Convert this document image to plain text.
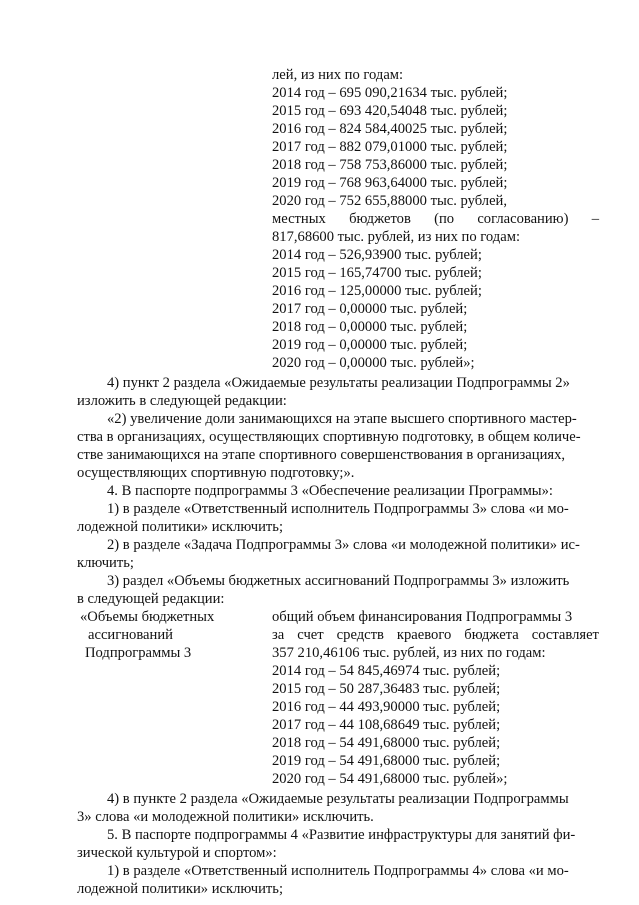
лей, из них по годам:
2014 год – 695 090,21634 тыс. рублей;
2015 год – 693 420,54048 тыс. рублей;
2016 год – 824 584,40025 тыс. рублей;
2017 год – 882 079,01000 тыс. рублей;
2018 год – 758 753,86000 тыс. рублей;
2019 год – 768 963,64000 тыс. рублей;
2020 год – 752 655,88000 тыс. рублей,
местных бюджетов (по согласованию) –
817,68600 тыс. рублей, из них по годам:
2014 год – 526,93900 тыс. рублей;
2015 год – 165,74700 тыс. рублей;
2016 год – 125,00000 тыс. рублей;
2017 год – 0,00000 тыс. рублей;
2018 год – 0,00000 тыс. рублей;
2019 год – 0,00000 тыс. рублей;
2020 год – 0,00000 тыс. рублей»;
4) пункт 2 раздела «Ожидаемые результаты реализации Подпрограммы 2»
изложить в следующей редакции:
«2) увеличение доли занимающихся на этапе высшего спортивного мастер-
ства в организациях, осуществляющих спортивную подготовку, в общем количе-
стве занимающихся на этапе спортивного совершенствования в организациях,
осуществляющих спортивную подготовку;».
4. В паспорте подпрограммы 3 «Обеспечение реализации Программы»:
1) в разделе «Ответственный исполнитель Подпрограммы 3» слова «и мо-
лодежной политики» исключить;
2) в разделе «Задача Подпрограммы 3» слова «и молодежной политики» ис-
ключить;
3) раздел «Объемы бюджетных ассигнований Подпрограммы 3» изложить
в следующей редакции:
«Объемы бюджетных
ассигнований
Подпрограммы 3
общий объем финансирования Подпрограммы 3
за счет средств краевого бюджета составляет
357 210,46106 тыс. рублей, из них по годам:
2014 год – 54 845,46974 тыс. рублей;
2015 год – 50 287,36483 тыс. рублей;
2016 год – 44 493,90000 тыс. рублей;
2017 год – 44 108,68649 тыс. рублей;
2018 год – 54 491,68000 тыс. рублей;
2019 год – 54 491,68000 тыс. рублей;
2020 год – 54 491,68000 тыс. рублей»;
4) в пункте 2 раздела «Ожидаемые результаты реализации Подпрограммы
3» слова «и молодежной политики» исключить.
5. В паспорте подпрограммы 4 «Развитие инфраструктуры для занятий фи-
зической культурой и спортом»:
1) в разделе «Ответственный исполнитель Подпрограммы 4» слова «и мо-
лодежной политики» исключить;
